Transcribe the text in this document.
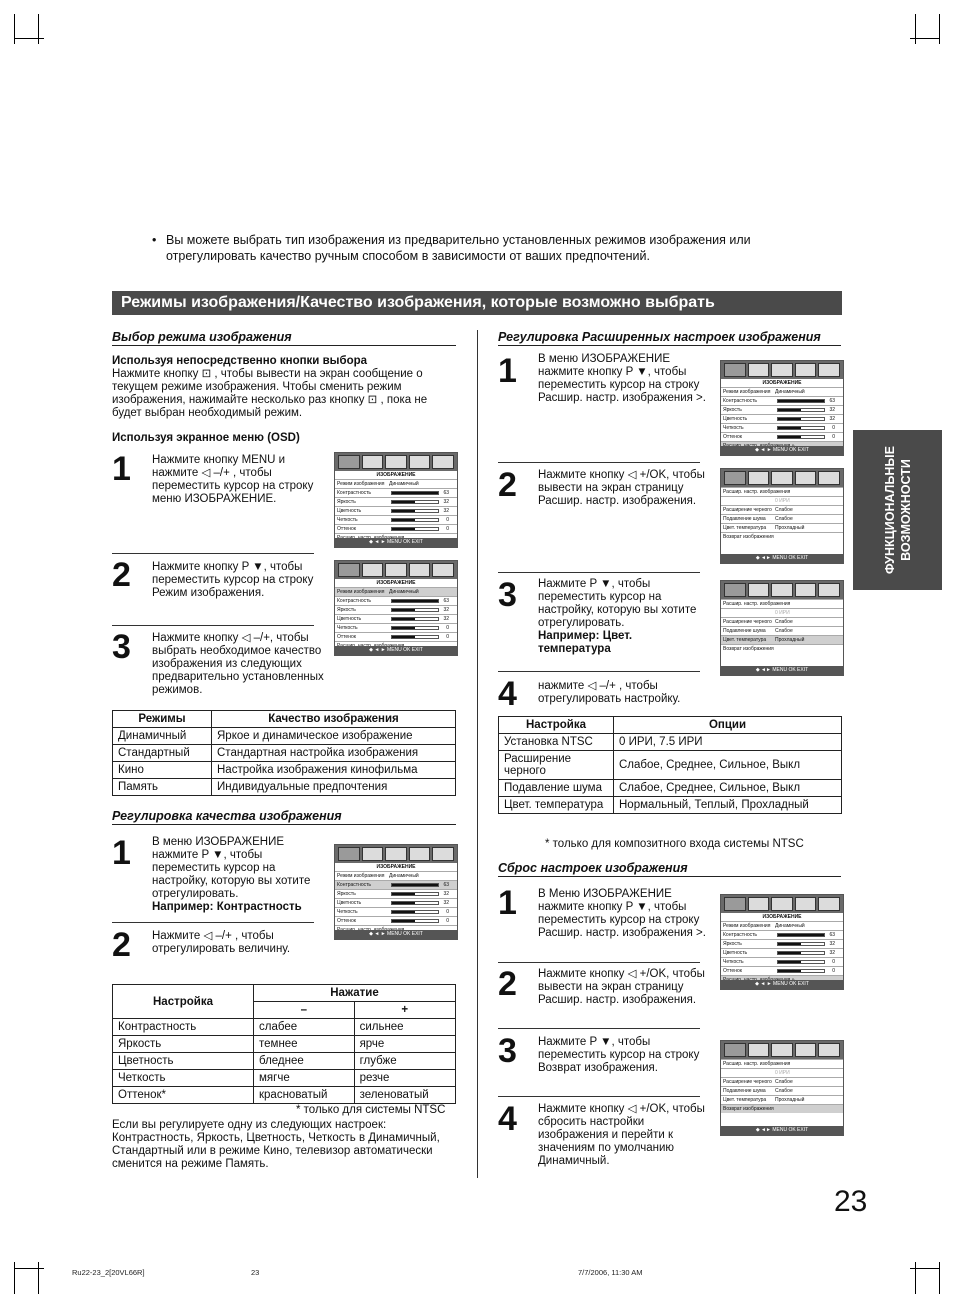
• Вы можете выбрать тип изображения из предварительно установленных режимов изображения или отрегулировать качество ручным способом в зависимости от ваших предпочтений.
Режимы изображения/Качество изображения, которые возможно выбрать
ФУНКЦИОНАЛЬНЫЕ ВОЗМОЖНОСТИ
Выбор режима изображения
Используя непосредственно кнопки выбора
Нажмите кнопку ⊡ , чтобы вывести на экран сообщение о текущем режиме изображения. Чтобы сменить режим изображения, нажимайте несколько раз кнопку ⊡ , пока не будет выбран необходимый режим.
Используя экранное меню (OSD)
1 Нажмите кнопку MENU и нажмите ◁ –/+ , чтобы переместить курсор на строку меню ИЗОБРАЖЕНИЕ.
2 Нажмите кнопку P ▼, чтобы переместить курсор на строку Режим изображения.
3 Нажмите кнопку ◁ –/+, чтобы выбрать необходимое качество изображения из следующих предварительно установленных режимов.
ИЗОБРАЖЕНИЕ
Режим изображения Динамичный
Контрастность	63
Яркость	32
Цветность	32
Четкость	0
Оттенок	0
◆ ◄ ► MENU OK EXIT
ИЗОБРАЖЕНИЕ
Режим изображения Динамичный
Контрастность	63
Яркость	32
Цветность	32
Четкость	0
Оттенок	0
◆ ◄ ► MENU OK EXIT
Режимы	Качество изображения
Динамичный	Яркое и динамическое изображение
Стандартный	Стандартная настройка изображения
Кино	Настройка изображения кинофильма
Память	Индивидуальные предпочтения
Регулировка качества изображения
1 В меню ИЗОБРАЖЕНИЕ нажмите P ▼, чтобы переместить курсор на настройку, которую вы хотите отрегулировать.
Например: Контрастность
2 Нажмите ◁ –/+ , чтобы отрегулировать величину.
ИЗОБРАЖЕНИЕ
Режим изображения Динамичный
Контрастность	63
Яркость	32
Цветность	32
Четкость	0
Оттенок	0
◆ ◄ ► MENU OK EXIT
Настройка	Нажатие	
	–	+
Контрастность	слабее	сильнее
Яркость	темнее	ярче
Цветность	бледнее	глубже
Четкость	мягче	резче
Оттенок*	красноватый	зеленоватый
* только для системы NTSC
Если вы регулируете одну из следующих настроек: Контрастность, Яркость, Цветность, Четкость в Динамичный, Стандартный или в режиме Кино, телевизор автоматически сменится на режиме Память.
Регулировка Расширенных настроек изображения
1 В меню ИЗОБРАЖЕНИЕ нажмите кнопку P ▼, чтобы переместить курсор на строку Расшир. настр. изображения >.
2 Нажмите кнопку ◁ +/OK, чтобы вывести на экран страницу Расшир. настр. изображения.
3 Нажмите P ▼, чтобы переместить курсор на настройку, которую вы хотите отрегулировать.
Например: Цвет. температура
4 нажмите ◁ –/+ , чтобы отрегулировать настройку.
ИЗОБРАЖЕНИЕ
Режим изображения Динамичный
Контрастность	63
Яркость	32
Цветность	32
Четкость	0
Оттенок	0
◆ ◄ ► MENU OK EXIT
Расшир. настр. изображения
0 ИРИ
Расширение черного Слабое
Подавление шума	Слабое
Цвет. температура	Прохладный
Возврат изображения
◆ ◄► MENU OK EXIT
Расшир. настр. изображения
0 ИРИ
Расширение черного Слабое
Подавление шума	Слабое
Цвет. температура	Прохладный
Возврат изображения
◆ ◄► MENU OK EXIT
Настройка	Опции
Установка NTSC	0 ИРИ, 7.5 ИРИ
Расширение черного	Слабое, Среднее, Сильное, Выкл
Подавление шума	Слабое, Среднее, Сильное, Выкл
Цвет. температура	Нормальный, Теплый, Прохладный
* только для композитного входа системы NTSC
Сброс настроек изображения
1 В Меню ИЗОБРАЖЕНИЕ нажмите кнопку P ▼, чтобы переместить курсор на строку Расшир. настр. изображения >.
2 Нажмите кнопку ◁ +/OK, чтобы вывести на экран страницу Расшир. настр. изображения.
3 Нажмите P ▼, чтобы переместить курсор на строку Возврат изображения.
4 Нажмите кнопку ◁ +/OK, чтобы сбросить настройки изображения и перейти к значениям по умолчанию Динамичный.
ИЗОБРАЖЕНИЕ
Режим изображения Динамичный
Контрастность	63
Яркость	32
Цветность	32
Четкость	0
Оттенок	0
◆ ◄ ► MENU OK EXIT
Расшир. настр. изображения
0 ИРИ
Расширение черного Слабое
Подавление шума	Слабое
Цвет. температура	Прохладный
Возврат изображения
◆ ◄► MENU OK EXIT
23
Ru22-23_2[20VL66R]	23	7/7/2006, 11:30 AM
